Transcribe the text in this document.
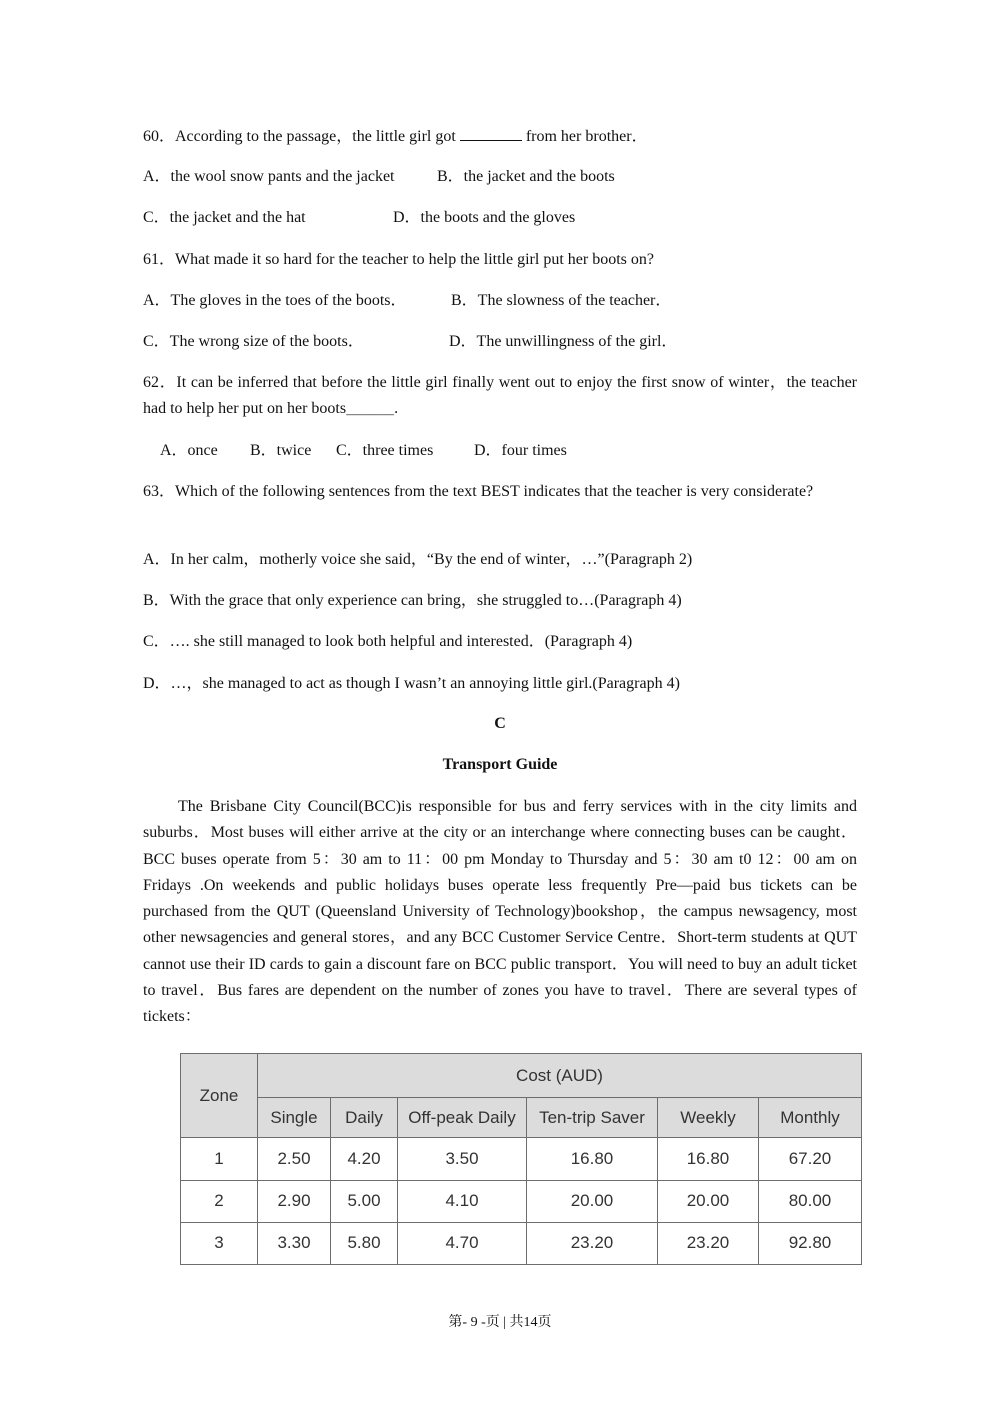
60．According to the passage，the little girl got	from her brother．
A．the wool snow pants and the jacket	B．the jacket and the boots
C．the jacket and the hat	D．the boots and the gloves
61．What made it so hard for the teacher to help the little girl put her boots on?
A．The gloves in the toes of the boots．	B．The slowness of the teacher．
C．The wrong size of the boots．	D．The unwillingness of the girl．
62．It can be inferred that before the little girl finally went out to enjoy the first snow of winter，the teacher had to help her put on her boots＿＿＿.
A．once B．twice C．three times	D．four times
63．Which of the following sentences from the text BEST indicates that the teacher is very considerate?
A．In her calm，motherly voice she said，“By the end of winter，…”(Paragraph 2)
B．With the grace that only experience can bring，she struggled to…(Paragraph 4)
C．…. she still managed to look both helpful and interested．(Paragraph 4)
D．…，she managed to act as though I wasn’t an annoying little girl.(Paragraph 4)
C
Transport Guide
The Brisbane City Council(BCC)is responsible for bus and ferry services with in the city limits and suburbs．Most buses will either arrive at the city or an interchange where connecting buses can be caught．BCC buses operate from 5：30 am to 11：00 pm Monday to Thursday and 5：30 am t0 12：00 am on Fridays .On weekends and public holidays buses operate less frequently Pre—paid bus tickets can be purchased from the QUT (Queensland University of Technology)bookshop，the campus newsagency, most other newsagencies and general stores，and any BCC Customer Service Centre．Short-term students at QUT cannot use their ID cards to gain a discount fare on BCC public transport．You will need to buy an adult ticket to travel．Bus fares are dependent on the number of zones you have to travel．There are several types of tickets：
Zone	Cost (AUD)					
	Single	Daily	Off-peak Daily	Ten-trip Saver	Weekly	Monthly
1	2.50	4.20	3.50	16.80	16.80	67.20
2	2.90	5.00	4.10	20.00	20.00	80.00
3	3.30	5.80	4.70	23.20	23.20	92.80
第- 9 -页 | 共14页
